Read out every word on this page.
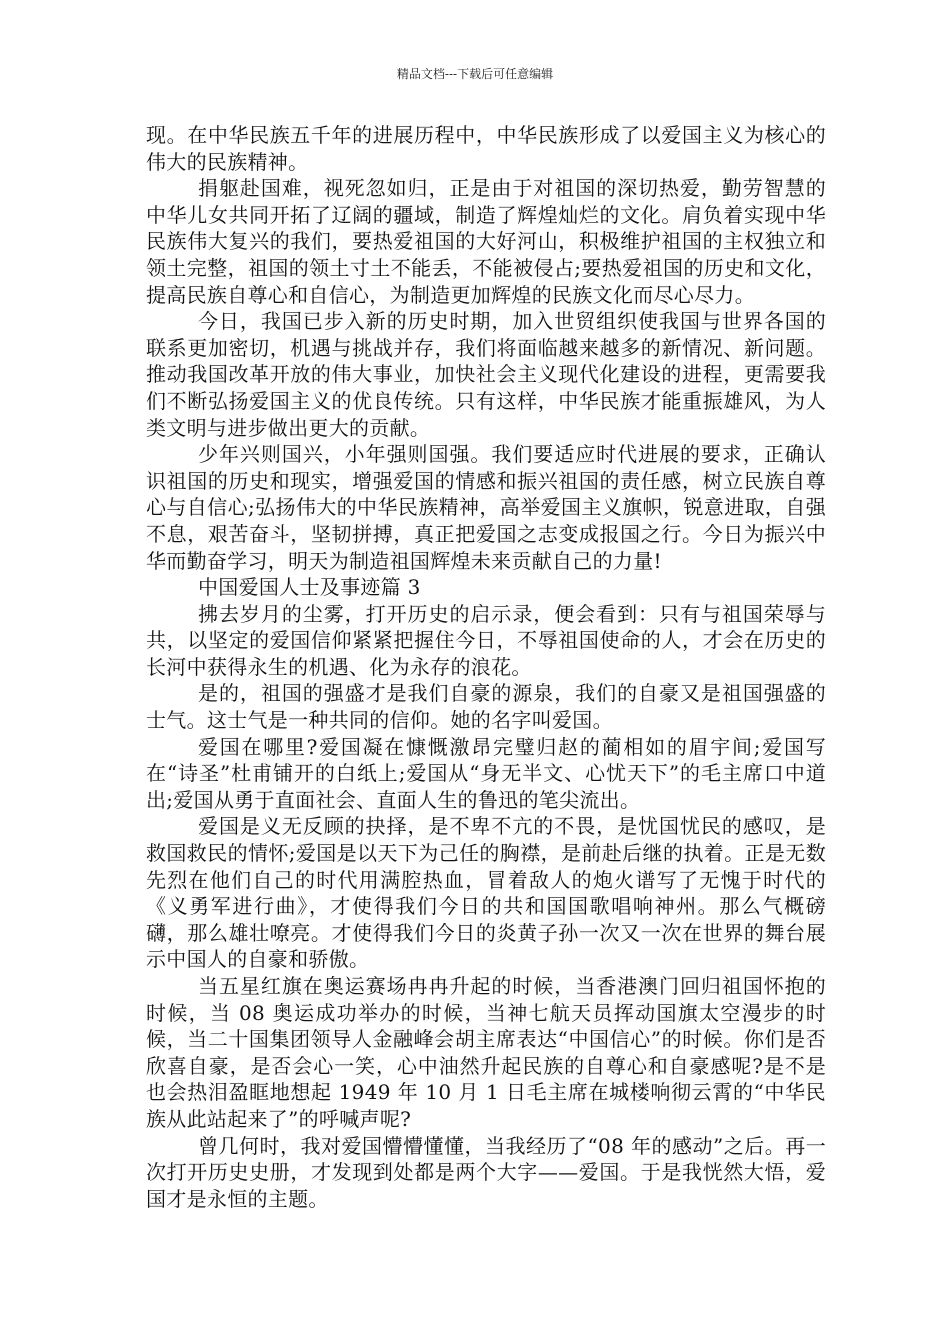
精品文档---下载后可任意编辑

现。在中华民族五千年的进展历程中，中华民族形成了以爱国主义为核心的伟大的民族精神。

捐躯赴国难，视死忽如归，正是由于对祖国的深切热爱，勤劳智慧的中华儿女共同开拓了辽阔的疆域，制造了辉煌灿烂的文化。肩负着实现中华民族伟大复兴的我们，要热爱祖国的大好河山，积极维护祖国的主权独立和领土完整，祖国的领土寸土不能丢，不能被侵占;要热爱祖国的历史和文化，提高民族自尊心和自信心，为制造更加辉煌的民族文化而尽心尽力。

今日，我国已步入新的历史时期，加入世贸组织使我国与世界各国的联系更加密切，机遇与挑战并存，我们将面临越来越多的新情况、新问题。推动我国改革开放的伟大事业，加快社会主义现代化建设的进程，更需要我们不断弘扬爱国主义的优良传统。只有这样，中华民族才能重振雄风，为人类文明与进步做出更大的贡献。

少年兴则国兴，小年强则国强。我们要适应时代进展的要求，正确认识祖国的历史和现实，增强爱国的情感和振兴祖国的责任感，树立民族自尊心与自信心;弘扬伟大的中华民族精神，高举爱国主义旗帜，锐意进取，自强不息，艰苦奋斗，坚韧拼搏，真正把爱国之志变成报国之行。今日为振兴中华而勤奋学习，明天为制造祖国辉煌未来贡献自己的力量!

中国爱国人士及事迹篇 3

拂去岁月的尘雾，打开历史的启示录，便会看到：只有与祖国荣辱与共，以坚定的爱国信仰紧紧把握住今日，不辱祖国使命的人，才会在历史的长河中获得永生的机遇、化为永存的浪花。

是的，祖国的强盛才是我们自豪的源泉，我们的自豪又是祖国强盛的士气。这士气是一种共同的信仰。她的名字叫爱国。

爱国在哪里?爱国凝在慷慨激昂完璧归赵的蔺相如的眉宇间;爱国写在“诗圣”杜甫铺开的白纸上;爱国从“身无半文、心忧天下”的毛主席口中道出;爱国从勇于直面社会、直面人生的鲁迅的笔尖流出。

爱国是义无反顾的抉择，是不卑不亢的不畏，是忧国忧民的感叹，是救国救民的情怀;爱国是以天下为己任的胸襟，是前赴后继的执着。正是无数先烈在他们自己的时代用满腔热血，冒着敌人的炮火谱写了无愧于时代的《义勇军进行曲》，才使得我们今日的共和国国歌唱响神州。那么气概磅礴，那么雄壮嘹亮。才使得我们今日的炎黄子孙一次又一次在世界的舞台展示中国人的自豪和骄傲。

当五星红旗在奥运赛场冉冉升起的时候，当香港澳门回归祖国怀抱的时候，当 08 奥运成功举办的时候，当神七航天员挥动国旗太空漫步的时候，当二十国集团领导人金融峰会胡主席表达“中国信心”的时候。你们是否欣喜自豪，是否会心一笑，心中油然升起民族的自尊心和自豪感呢?是不是也会热泪盈眶地想起 1949 年 10 月 1 日毛主席在城楼响彻云霄的“中华民族从此站起来了”的呼喊声呢?

曾几何时，我对爱国懵懵懂懂，当我经历了“08 年的感动”之后。再一次打开历史史册，才发现到处都是两个大字——爱国。于是我恍然大悟，爱国才是永恒的主题。
